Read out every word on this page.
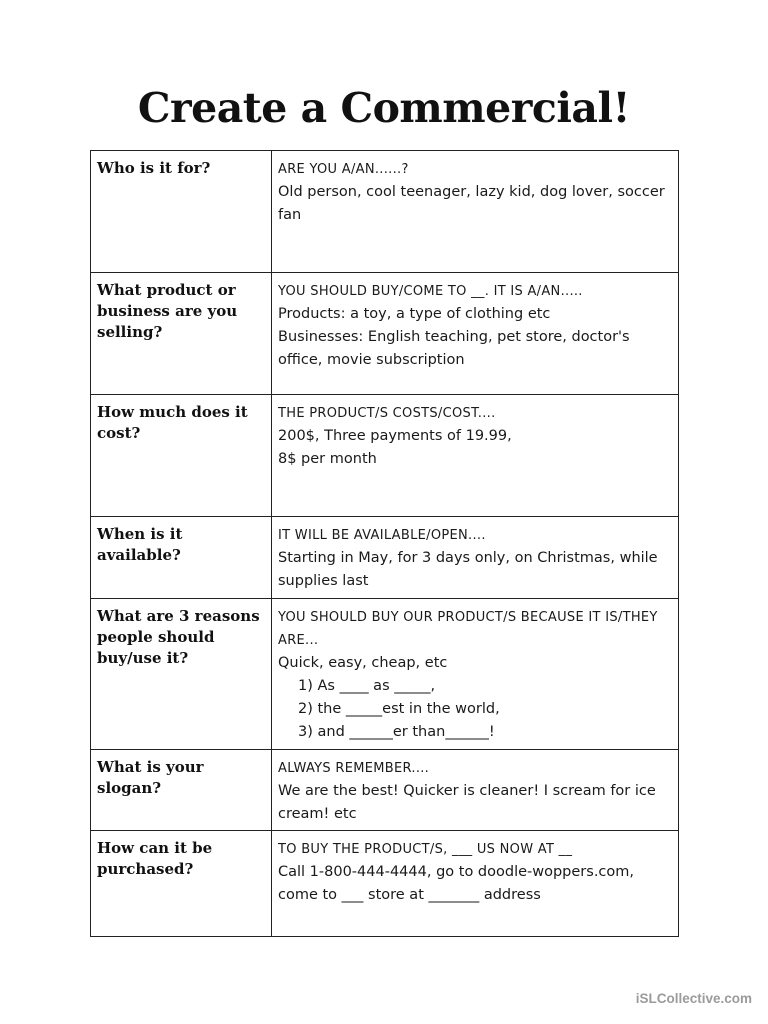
Create a Commercial!
Who is it for?	ARE YOU A/AN......?
Old person, cool teenager, lazy kid, dog lover, soccer fan

What product or business are you selling?	YOU SHOULD BUY/COME TO __. IT IS A/AN.....
Products: a toy, a type of clothing etc
Businesses: English teaching, pet store, doctor's office, movie subscription

How much does it cost?	THE PRODUCT/S COSTS/COST....
200$, Three payments of 19.99,
8$ per month

When is it available?	IT WILL BE AVAILABLE/OPEN....
Starting in May, for 3 days only, on Christmas, while supplies last

What are 3 reasons people should buy/use it?	YOU SHOULD BUY OUR PRODUCT/S BECAUSE IT IS/THEY ARE...
Quick, easy, cheap, etc
1) As ____ as _____,
2) the _____est in the world,
3) and ______er than______!

What is your slogan?	ALWAYS REMEMBER....
We are the best! Quicker is cleaner! I scream for ice cream! etc

How can it be purchased?	TO BUY THE PRODUCT/S, ___ US NOW AT __
Call 1-800-444-4444, go to doodle-woppers.com, come to ___ store at _______ address
iSLCollective.com
